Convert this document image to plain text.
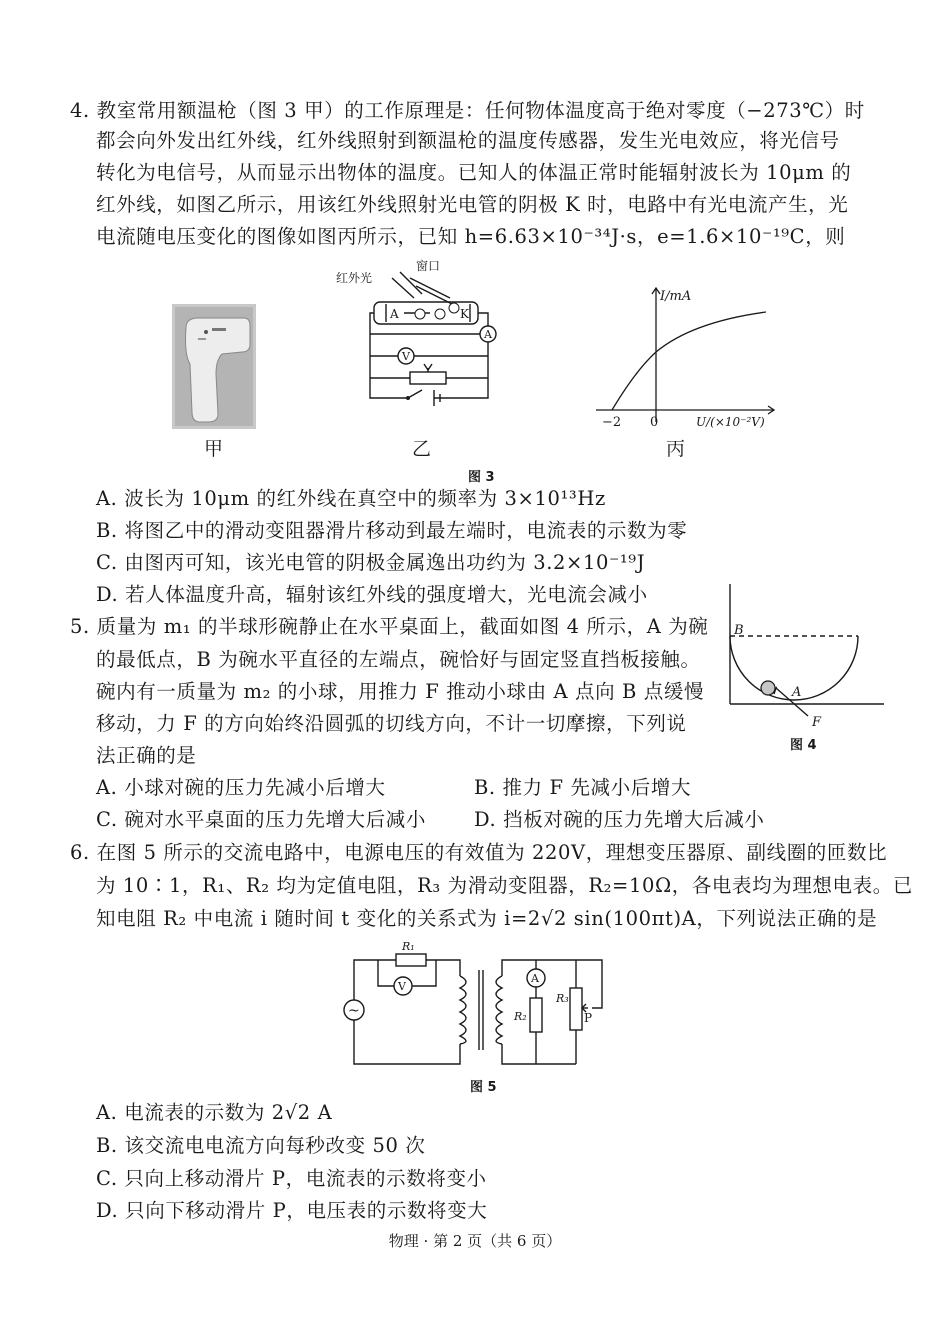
4. 教室常用额温枪（图 3 甲）的工作原理是：任何物体温度高于绝对零度（−273℃）时
都会向外发出红外线，红外线照射到额温枪的温度传感器，发生光电效应，将光信号
转化为电信号，从而显示出物体的温度。已知人的体温正常时能辐射波长为 10μm 的
红外线，如图乙所示，用该红外线照射光电管的阴极 K 时，电路中有光电流产生，光
电流随电压变化的图像如图丙所示，已知 h=6.63×10⁻³⁴J·s，e=1.6×10⁻¹⁹C，则
甲
红外光
窗口
A	K
A
V
乙
I/mA
U/(×10⁻²V)
−2 0
丙
图 3
A. 波长为 10μm 的红外线在真空中的频率为 3×10¹³Hz
B. 将图乙中的滑动变阻器滑片移动到最左端时，电流表的示数为零
C. 由图丙可知，该光电管的阴极金属逸出功约为 3.2×10⁻¹⁹J
D. 若人体温度升高，辐射该红外线的强度增大，光电流会减小
5. 质量为 m₁ 的半球形碗静止在水平桌面上，截面如图 4 所示，A 为碗
的最低点，B 为碗水平直径的左端点，碗恰好与固定竖直挡板接触。
碗内有一质量为 m₂ 的小球，用推力 F 推动小球由 A 点向 B 点缓慢
移动，力 F 的方向始终沿圆弧的切线方向，不计一切摩擦，下列说
法正确的是
B
A
F
图 4
A. 小球对碗的压力先减小后增大	B. 推力 F 先减小后增大
C. 碗对水平桌面的压力先增大后减小 D. 挡板对碗的压力先增大后减小
6. 在图 5 所示的交流电路中，电源电压的有效值为 220V，理想变压器原、副线圈的匝数比
为 10∶1，R₁、R₂ 均为定值电阻，R₃ 为滑动变阻器，R₂=10Ω，各电表均为理想电表。已
知电阻 R₂ 中电流 i 随时间 t 变化的关系式为 i=2√2 sin(100πt)A，下列说法正确的是
~
R₁
V
A
R₂
R₃
P
图 5
A. 电流表的示数为 2√2 A
B. 该交流电电流方向每秒改变 50 次
C. 只向上移动滑片 P，电流表的示数将变小
D. 只向下移动滑片 P，电压表的示数将变大
物理 · 第 2 页（共 6 页）
